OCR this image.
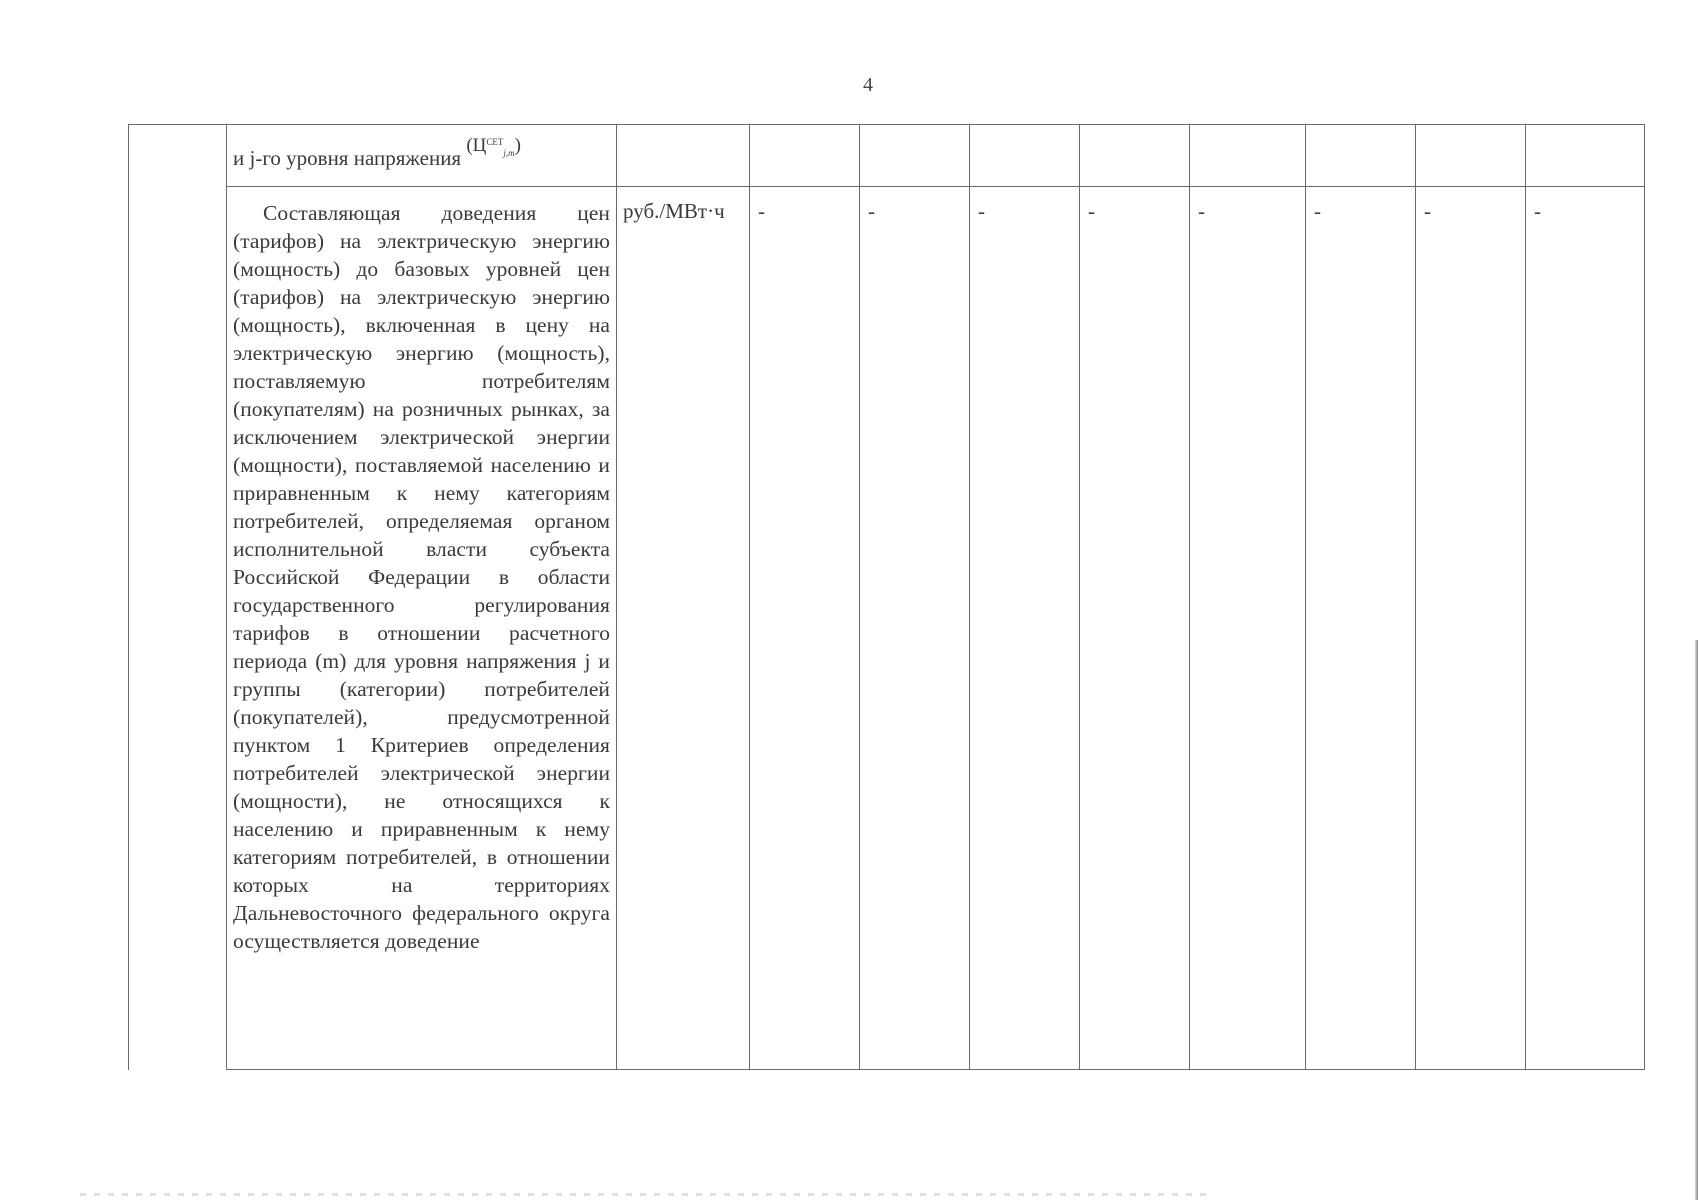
4

	и j-го уровня напряжения $(Ц^{СЕТ}_{j,m})$									

	Составляющая доведения цен (тарифов) на электрическую энергию (мощность) до базовых уровней цен (тарифов) на электрическую энергию (мощность), включенная в цену на электрическую энергию (мощность), поставляемую потребителям (покупателям) на розничных рынках, за исключением электрической энергии (мощности), поставляемой населению и приравненным к нему категориям потребителей, определяемая органом исполнительной власти субъекта Российской Федерации в области государственного регулирования тарифов в отношении расчетного периода (m) для уровня напряжения j и группы (категории) потребителей (покупателей), предусмотренной пунктом 1 Критериев определения потребителей электрической энергии (мощности), не относящихся к населению и приравненным к нему категориям потребителей, в отношении которых на территориях Дальневосточного федерального округа осуществляется доведение	руб./МВт·ч	-	-	-	-	-	-	-	-
